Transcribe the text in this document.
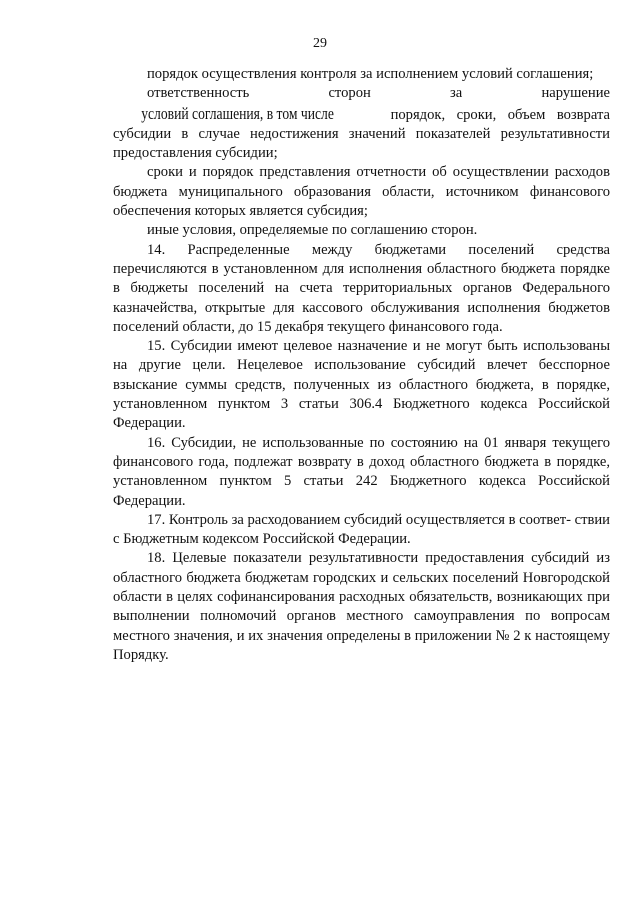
29

порядок осуществления контроля за исполнением условий соглашения;

ответственность сторон за нарушение условий соглашения, в том числе	порядок, сроки, объем возврата субсидии в случае недостижения значений показателей результативности предоставления субсидии;

сроки и порядок представления отчетности об осуществлении расходов бюджета муниципального образования области, источником финансового обеспечения которых является субсидия;

иные условия, определяемые по соглашению сторон.

14. Распределенные между бюджетами поселений средства перечисляются в установленном для исполнения областного бюджета порядке в бюджеты поселений на счета территориальных органов Федерального казначейства, открытые для кассового обслуживания исполнения бюджетов поселений области, до 15 декабря текущего финансового года.

15. Субсидии имеют целевое назначение и не могут быть использованы на другие цели. Нецелевое использование субсидий влечет бесспорное взыскание суммы средств, полученных из областного бюджета, в порядке, установленном пунктом 3 статьи 306.4 Бюджетного кодекса Российской Федерации.

16. Субсидии, не использованные по состоянию на 01 января текущего финансового года, подлежат возврату в доход областного бюджета в порядке, установленном пунктом 5 статьи 242 Бюджетного кодекса Российской Федерации.

17. Контроль за расходованием субсидий осуществляется в соответ- ствии с Бюджетным кодексом Российской Федерации.

18. Целевые показатели результативности предоставления субсидий из областного бюджета бюджетам городских и сельских поселений Новгородской области в целях софинансирования расходных обязательств, возникающих при выполнении полномочий органов местного самоуправления по вопросам местного значения, и их значения определены в приложении № 2 к настоящему Порядку.
